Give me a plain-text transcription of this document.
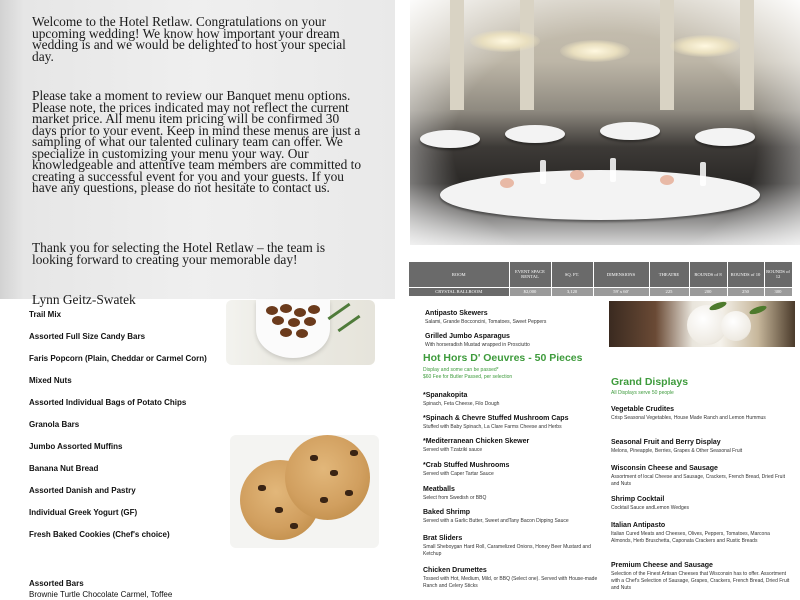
Welcome to the Hotel Retlaw. Congratulations on your upcoming wedding! We know how important your dream wedding is and we would be delighted to host your special day.

Please take a moment to review our Banquet menu options. Please note, the prices indicated may not reflect the current market price. All menu item pricing will be confirmed 30 days prior to your event. Keep in mind these menus are just a sampling of what our talented culinary team can offer. We specialize in customizing your menu your way. Our knowledgeable and attentive team members are committed to creating a successful event for you and your guests. If you have any questions, please do not hesitate to contact us.

Thank you for selecting the Hotel Retlaw – the team is looking forward to creating your memorable day!

Lynn Geitz-Swatek
ROOM	EVENT SPACE RENTAL	SQ. FT.	DIMENSIONS	THEATRE	ROUNDS of 8	ROUNDS of 10	ROUNDS of 12
CRYSTAL BALLROOM	$2,000	3,120	59' x 60'	225	200	250	300
Trail Mix
Assorted Full Size Candy Bars
Faris Popcorn (Plain, Cheddar or Carmel Corn)
Mixed Nuts
Assorted Individual Bags of Potato Chips
Granola Bars
Jumbo Assorted Muffins
Banana Nut Bread
Assorted Danish and Pastry
Individual Greek Yogurt (GF)
Fresh Baked Cookies (Chef's choice)
Assorted Bars
Brownie Turtle Chocolate Carmel, Toffee
Antipasto Skewers
Salami, Grande Bocconcini, Tomatoes, Sweet Peppers
Grilled Jumbo Asparagus
With horseradish Mustad wrapped in Prosciutto
Hot Hors D' Oeuvres - 50 Pieces
Display and some can be passed*
$60 Fee for Butler Passed, per selection
*Spanakopita
Spinach, Feta Cheese, Filo Dough
*Spinach & Chevre Stuffed Mushroom Caps
Stuffed with Baby Spinach, La Clare Farms Cheese and Herbs
*Mediterranean Chicken Skewer
Served with Tzatziki sauce
*Crab Stuffed Mushrooms
Served with Caper Tartar Sauce
Meatballs
Select from Swedish or BBQ
Baked Shrimp
Served with a Garlic Butter, Sweet andTany Bacon Dipping Sauce
Brat Sliders
Small Sheboygan Hard Roll, Caramelized Onions, Honey Beer Mustard and Ketchup
Chicken Drumettes
Tossed with Hot, Medium, Mild, or BBQ (Select one). Served with House-made Ranch and Celery Sticks
Grand Displays
All Displays serve 50 people
Vegetable Crudites
Crisp Seasonal Vegetables, House Made Ranch and Lemon Hummus
Seasonal Fruit and Berry Display
Melons, Pineapple, Berries, Grapes & Other Seasonal Fruit
Wisconsin Cheese and Sausage
Assortment of local Cheese and Sausage, Crackers, French Bread, Dried Fruit and Nuts
Shrimp Cocktail
Cocktail Sauce andLemon Wedges
Italian Antipasto
Italian Cured Meats and Cheeses, Olives, Peppers, Tomatoes, Marcona Almonds, Herb Bruschetta, Caponata Crackers and Rustic Breads
Premium Cheese and Sausage
Selection of the Finest Artisan Cheeses that Wisconsin has to offer. Assortment with a Chef's Selection of Sausage, Grapes, Crackers, French Bread, Dried Fruit and Nuts
